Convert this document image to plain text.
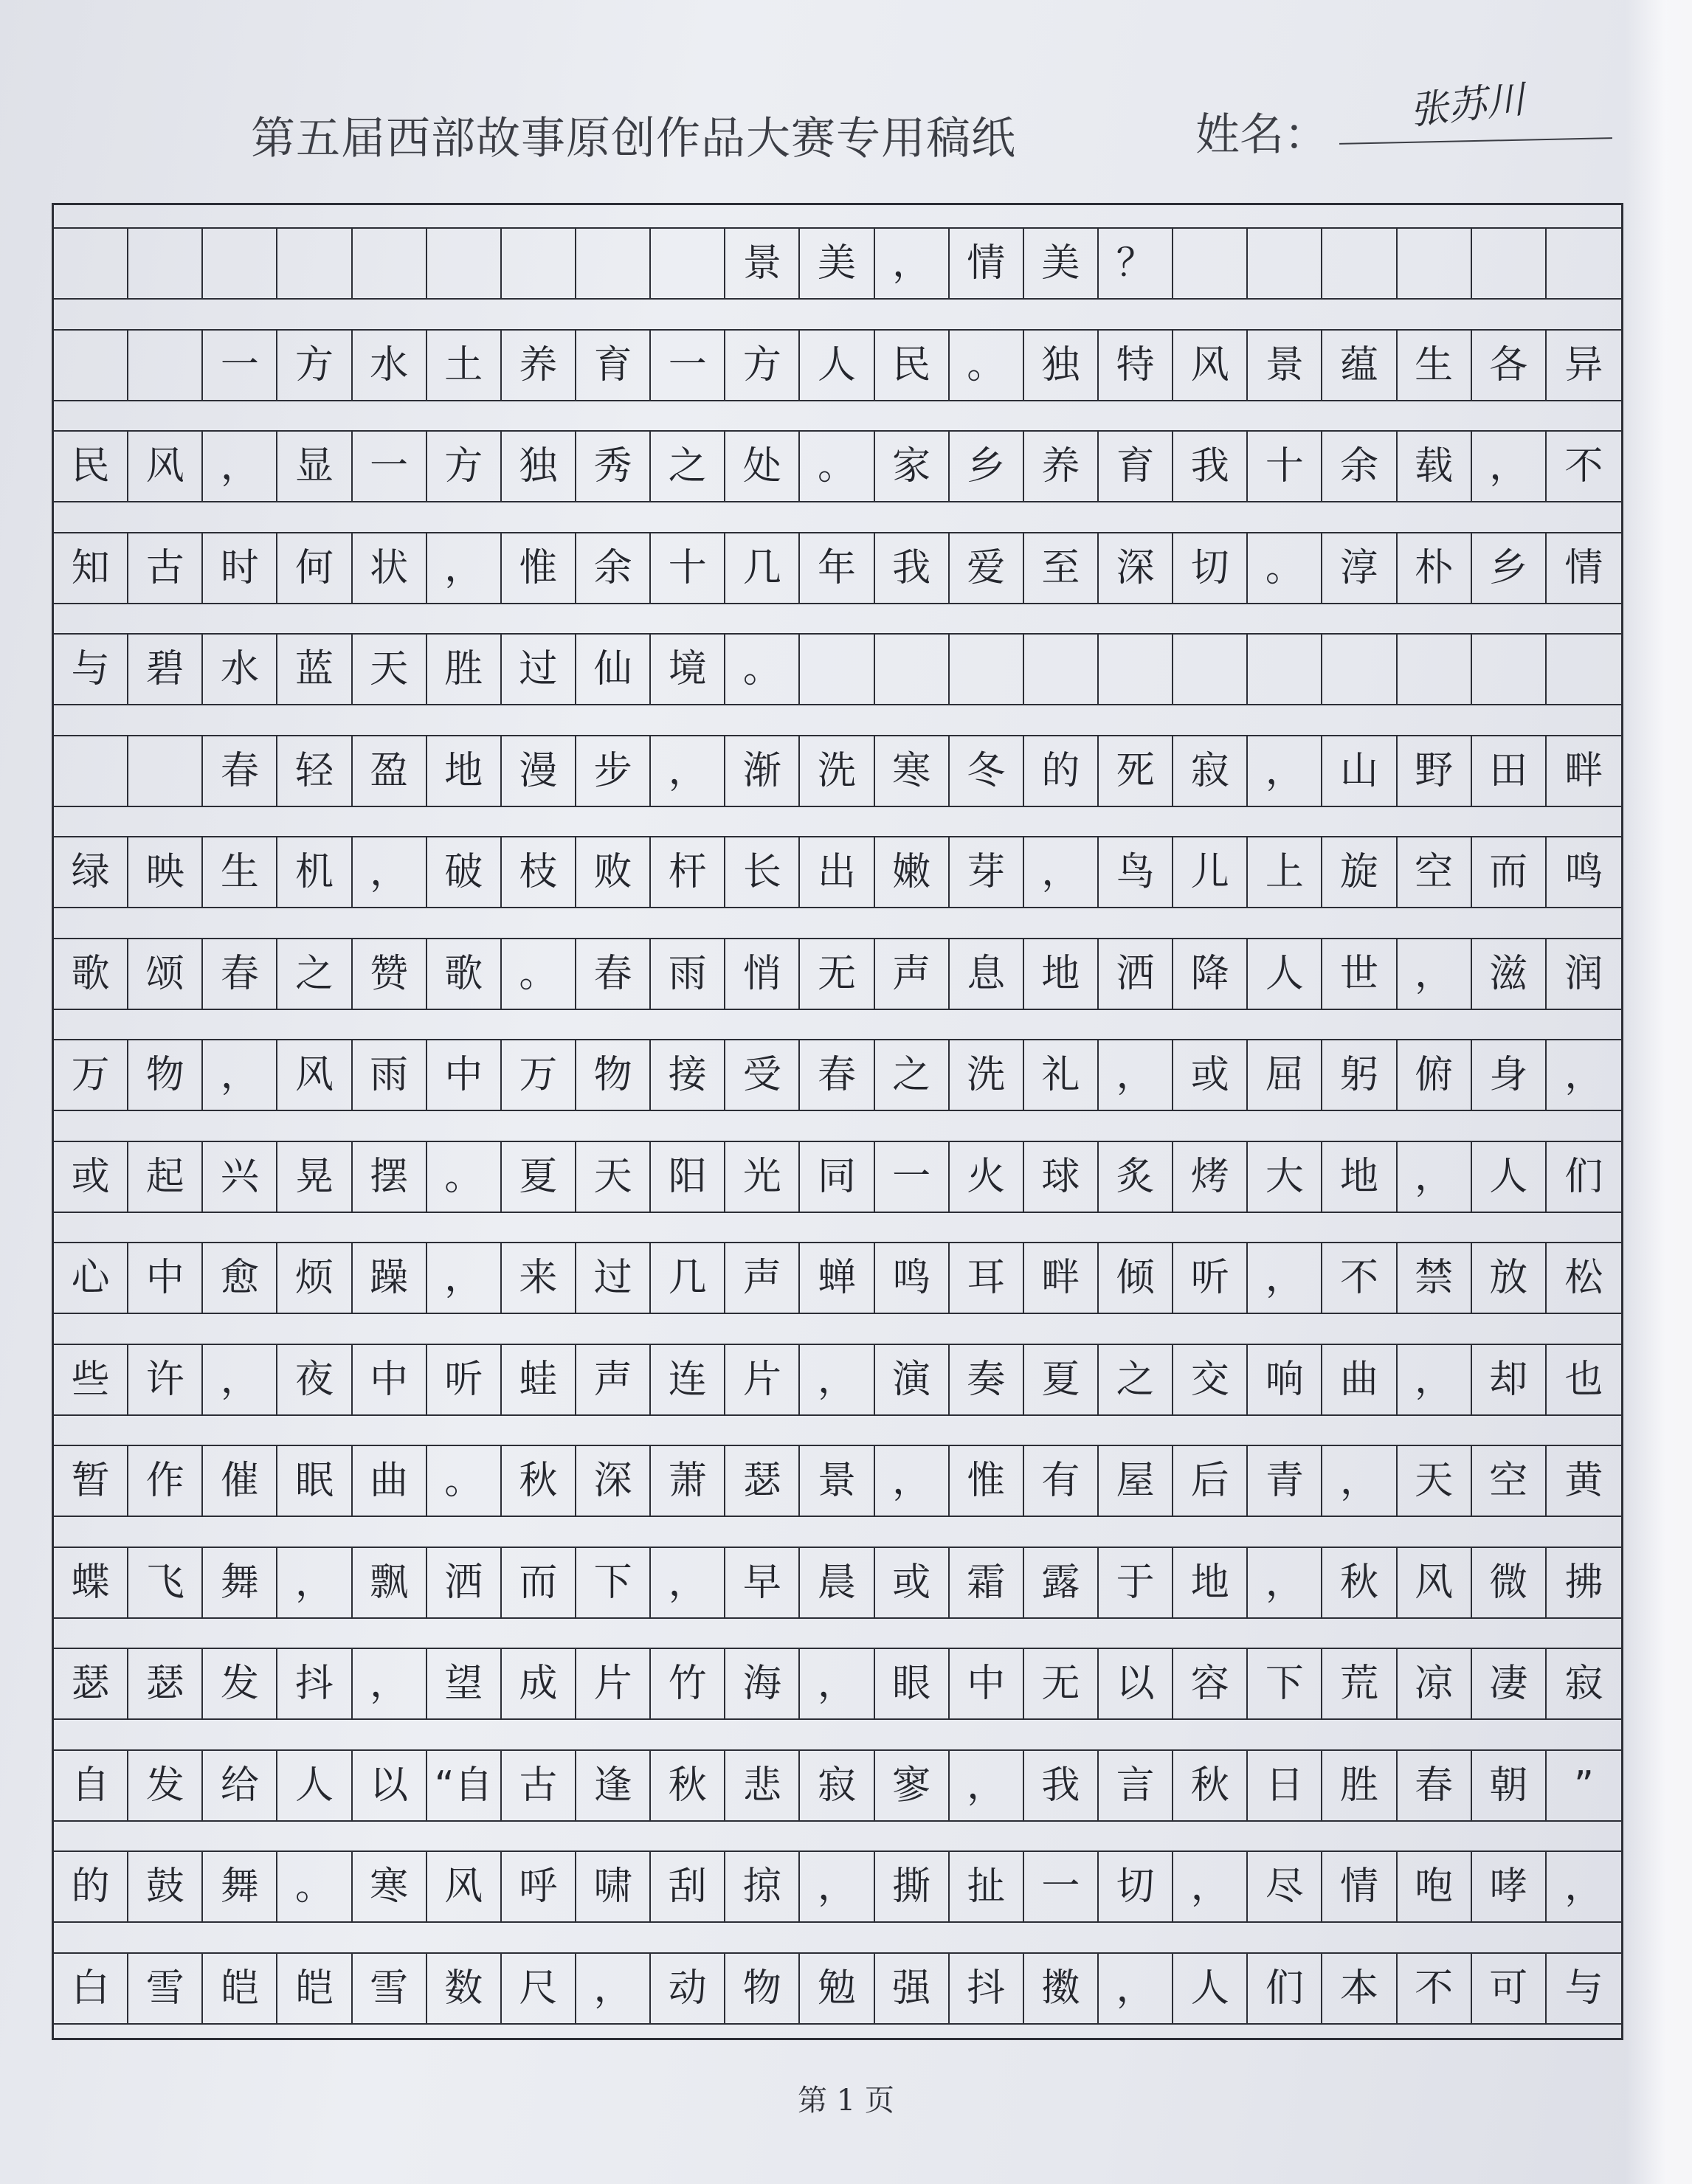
第五届西部故事原创作品大赛专用稿纸	姓名：
张苏川
景 美 ， 情 美 ？
一 方 水 土 养 育 一 方 人 民 。 独 特 风 景 蕴 生 各 异
民 风 ， 显 一 方 独 秀 之 处 。 家 乡 养 育 我 十 余 载 ， 不
知 古 时 何 状 ， 惟 余 十 几 年 我 爱 至 深 切 。 淳 朴 乡 情
与 碧 水 蓝 天 胜 过 仙 境 。
春 轻 盈 地 漫 步 ， 渐 洗 寒 冬 的 死 寂 ， 山 野 田 畔
绿 映 生 机 ， 破 枝 败 杆 长 出 嫩 芽 ， 鸟 儿 上 旋 空 而 鸣
歌 颂 春 之 赞 歌 。 春 雨 悄 无 声 息 地 洒 降 人 世 ， 滋 润
万 物 ， 风 雨 中 万 物 接 受 春 之 洗 礼 ， 或 屈 躬 俯 身 ，
或 起 兴 晃 摆 。 夏 天 阳 光 同 一 火 球 炙 烤 大 地 ， 人 们
心 中 愈 烦 躁 ， 来 过 几 声 蝉 鸣 耳 畔 倾 听 ， 不 禁 放 松
些 许 ， 夜 中 听 蛙 声 连 片 ， 演 奏 夏 之 交 响 曲 ， 却 也
暂 作 催 眠 曲 。 秋 深 萧 瑟 景 ， 惟 有 屋 后 青 ， 天 空 黄
蝶 飞 舞 ， 飘 洒 而 下 ， 早 晨 或 霜 露 于 地 ， 秋 风 微 拂
瑟 瑟 发 抖 ， 望 成 片 竹 海 ， 眼 中 无 以 容 下 荒 凉 凄 寂
自 发 给 人 以 “自 古 逢 秋 悲 寂 寥 ， 我 言 秋 日 胜 春 朝	”
的 鼓 舞 。 寒 风 呼 啸 刮 掠 ， 撕 扯 一 切 ， 尽 情 咆 哮 ，
白 雪 皑 皑 雪 数 尺 ， 动 物 勉 强 抖 擞 ， 人 们 本 不 可 与
第 1 页
